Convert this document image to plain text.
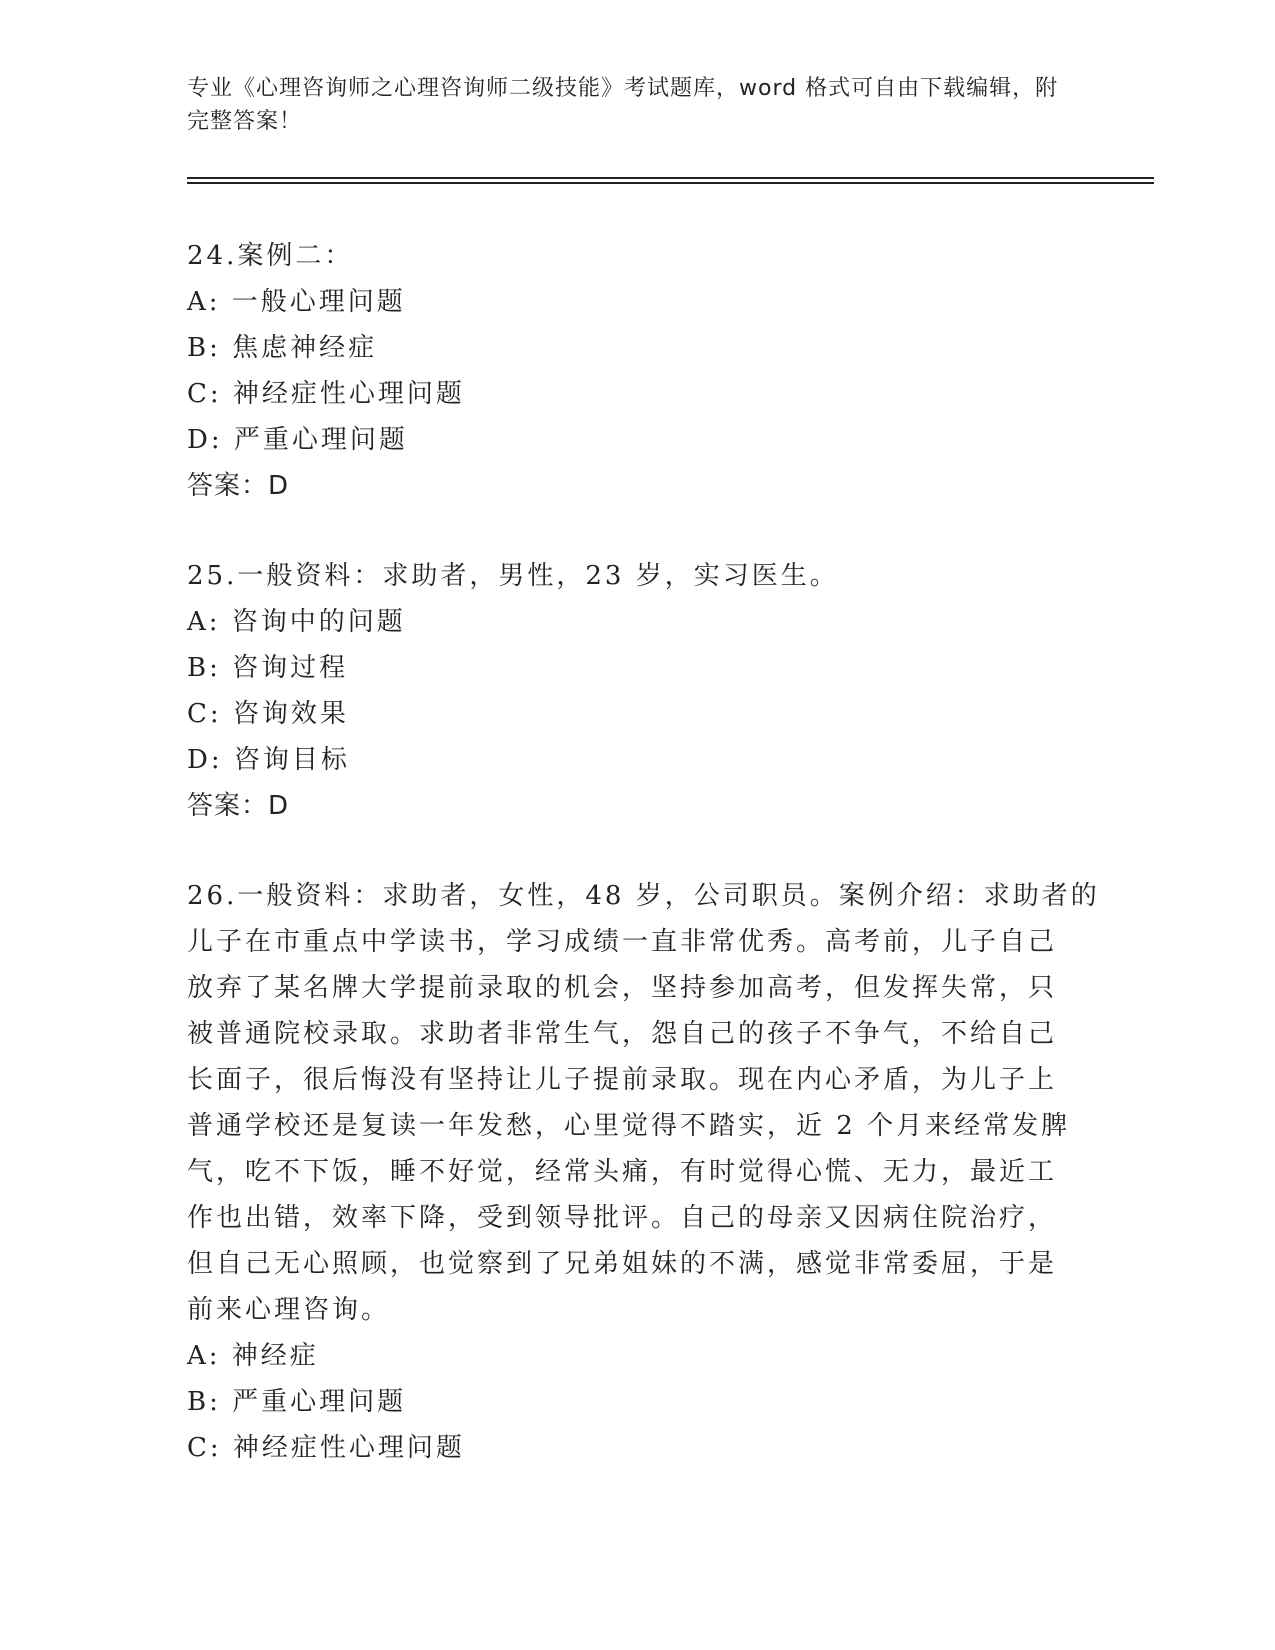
专业《心理咨询师之心理咨询师二级技能》考试题库，word 格式可自由下载编辑，附完整答案！
24.案例二：
A: 一般心理问题
B: 焦虑神经症
C: 神经症性心理问题
D: 严重心理问题
答案：D
25.一般资料：求助者，男性，23 岁，实习医生。
A: 咨询中的问题
B: 咨询过程
C: 咨询效果
D: 咨询目标
答案：D
26.一般资料：求助者，女性，48 岁，公司职员。案例介绍：求助者的
儿子在市重点中学读书，学习成绩一直非常优秀。高考前，儿子自己
放弃了某名牌大学提前录取的机会，坚持参加高考，但发挥失常，只
被普通院校录取。求助者非常生气，怨自己的孩子不争气，不给自己
长面子，很后悔没有坚持让儿子提前录取。现在内心矛盾，为儿子上
普通学校还是复读一年发愁，心里觉得不踏实，近 2 个月来经常发脾
气，吃不下饭，睡不好觉，经常头痛，有时觉得心慌、无力，最近工
作也出错，效率下降，受到领导批评。自己的母亲又因病住院治疗，
但自己无心照顾，也觉察到了兄弟姐妹的不满，感觉非常委屈，于是
前来心理咨询。
A: 神经症
B: 严重心理问题
C: 神经症性心理问题
